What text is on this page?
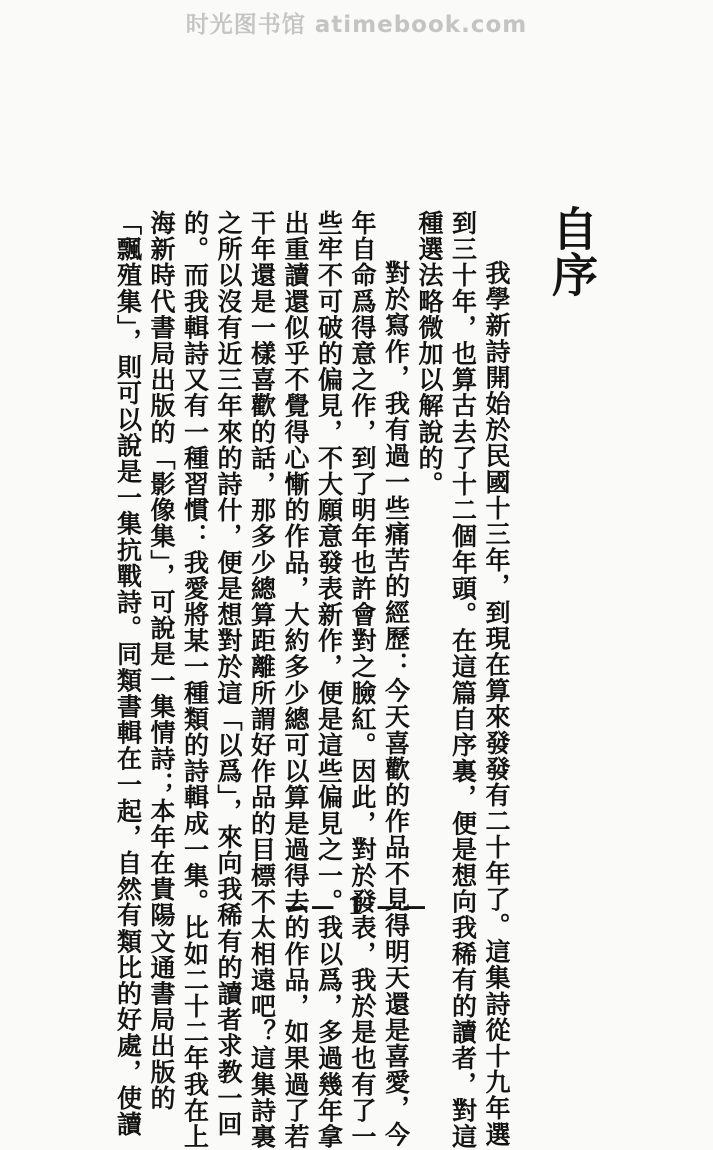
时光图书馆 atimebook.com
自序

我學新詩開始於民國十三年，到現在算來發發有二十年了。這集詩從十九年選

到三十年，也算古去了十二個年頭。在這篇自序裏，便是想向我稀有的讀者，對這

種選法略微加以解說的。

對於寫作，我有過一些痛苦的經歷：今天喜歡的作品不見得明天還是喜愛，今

年自命爲得意之作，到了明年也許會對之臉紅。因此，對於發表，我於是也有了一

些牢不可破的偏見，不大願意發表新作，便是這些偏見之一。我以爲，多過幾年拿

出重讀還似乎不覺得心慚的作品，大約多少總可以算是過得去的作品，如果過了若

干年還是一樣喜歡的話，那多少總算距離所謂好作品的目標不太相遠吧？這集詩裏

之所以沒有近三年來的詩什，便是想對於這「以爲」，來向我稀有的讀者求教一回

的。而我輯詩又有一種習慣：我愛將某一種類的詩輯成一集。比如二十二年我在上

海新時代書局出版的「影像集」，可說是一集情詩；本年在貴陽文通書局出版的

「飄殖集」，則可以說是一集抗戰詩。同類書輯在一起，自然有類比的好處，使讀	—— 1 ——
